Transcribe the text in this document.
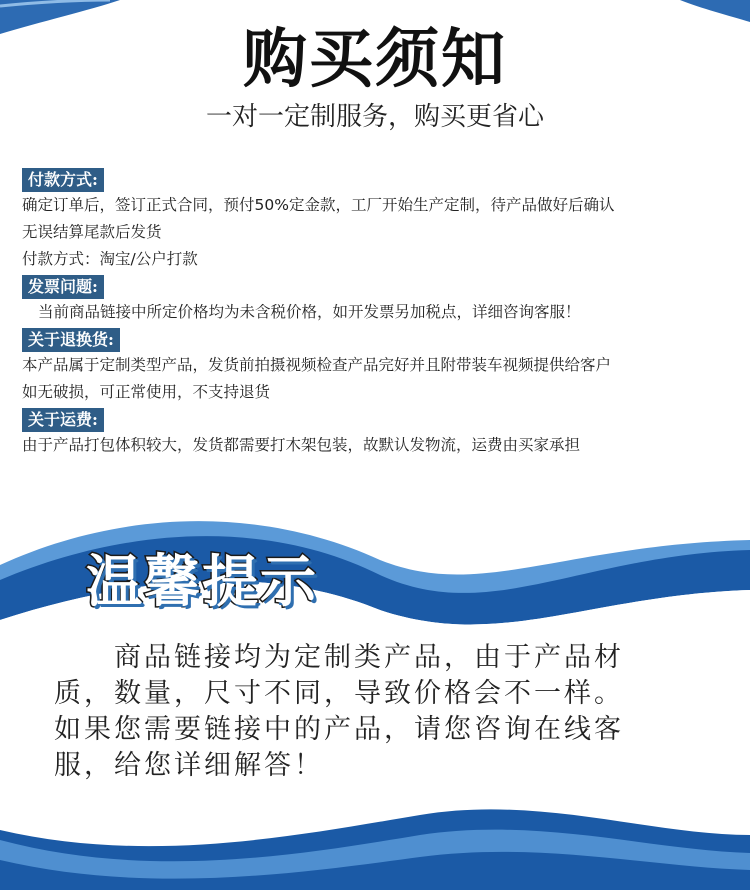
购买须知
一对一定制服务，购买更省心
付款方式:
确定订单后，签订正式合同，预付50%定金款，工厂开始生产定制，待产品做好后确认
无误结算尾款后发货
付款方式：淘宝/公户打款
发票问题:
当前商品链接中所定价格均为未含税价格，如开发票另加税点，详细咨询客服！
关于退换货:
本产品属于定制类型产品，发货前拍摄视频检查产品完好并且附带装车视频提供给客户
如无破损，可正常使用，不支持退货
关于运费:
由于产品打包体积较大，发货都需要打木架包装，故默认发物流，运费由买家承担
温馨提示
商品链接均为定制类产品，由于产品材
质，数量，尺寸不同，导致价格会不一样。
如果您需要链接中的产品，请您咨询在线客
服，给您详细解答！
